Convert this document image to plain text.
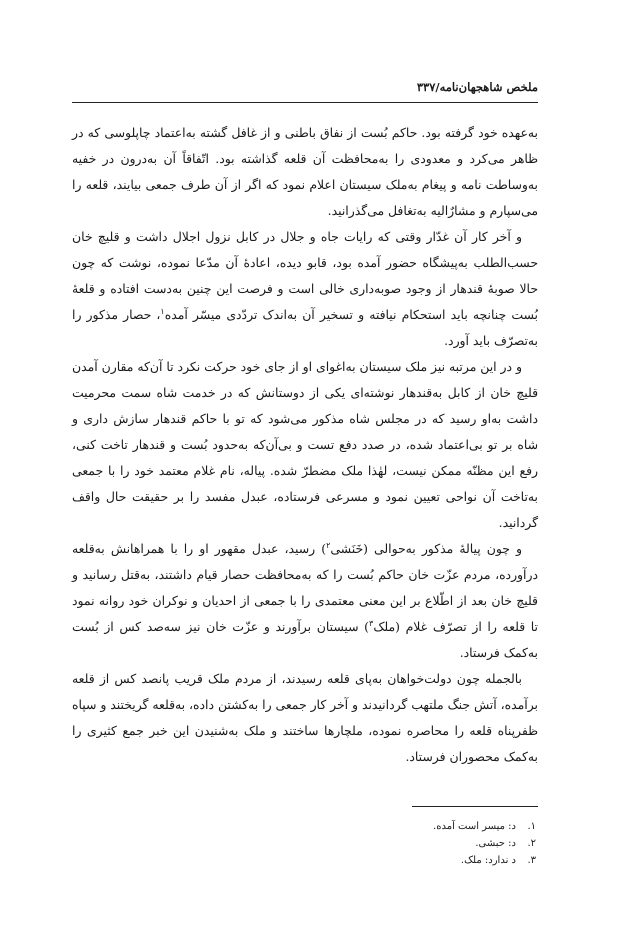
ملخص شاهجهان‌نامه/۳۳۷

به‌عهده خود گرفته بود. حاکم بُست از نفاق باطنی و از غافل گشته به‌اعتماد چاپلوسی که در ظاهر می‌کرد و معدودی را به‌محافظت آن قلعه گذاشته بود. اتّفاقاً آن به‌درون در خفیه به‌وساطت نامه و پیغام به‌ملک سیستان اعلام نمود که اگر از آن طرف جمعی بیایند، قلعه را می‌سپارم و مشارٌالیه به‌تغافل می‌گذرانید.

و آخر کار آن غدّار وقتی که رایات جاه و جلال در کابل نزول اجلال داشت و قلیچ خان حسب‌الطلب به‌پیشگاه حضور آمده بود، قابو دیده، اعادهٔ آن مدّعا نموده، نوشت که چون حالا صوبهٔ قندهار از وجود صوبه‌داری خالی است و فرصت این چنین به‌دست افتاده و قلعهٔ بُست چنانچه باید استحکام نیافته و تسخیر آن به‌اندک تردّدی میسّر آمده$^۱$، حصار مذکور را به‌تصرّف باید آورد.

و در این مرتبه نیز ملک سیستان به‌اغوای او از جای خود حرکت نکرد تا آن‌که مقارن آمدن قلیچ خان از کابل به‌قندهار نوشته‌ای یکی از دوستانش که در خدمت شاه سمت محرمیت داشت به‌او رسید که در مجلس شاه مذکور می‌شود که تو با حاکم قندهار سازش داری و شاه بر تو بی‌اعتماد شده، در صدد دفع تست و بی‌آن‌که به‌حدود بُست و قندهار تاخت کنی، رفع این مظنّه ممکن نیست، لهٰذا ملک مضطرّ شده. پیاله، نام غلام معتمد خود را با جمعی به‌تاخت آن نواحی تعیین نمود و مسرعی فرستاده، عبدل مفسد را بر حقیقت حال واقف گردانید.

و چون پیالهٔ مذکور به‌حوالی (خَنَشی$^۲$) رسید، عبدل مقهور او را با همراهانش به‌قلعه درآورده، مردم عزّت خان حاکم بُست را که به‌محافظت حصار قیام داشتند، به‌قتل رسانید و قلیچ خان بعد از اطّلاع بر این معنی معتمدی را با جمعی از احدیان و نوکران خود روانه نمود تا قلعه را از تصرّف غلام (ملک$^۳$) سیستان برآورند و عزّت خان نیز سه‌صد کس از بُست به‌کمک فرستاد.

بالجمله چون دولت‌خواهان به‌پای قلعه رسیدند، از مردم ملک قریب پانصد کس از قلعه برآمده، آتش جنگ ملتهب گردانیدند و آخر کار جمعی را به‌کشتن داده، به‌قلعه گریختند و سپاه ظفرپناه قلعه را محاصره نموده، ملچارها ساختند و ملک به‌شنیدن این خبر جمع کثیری را به‌کمک محصوران فرستاد.

۱.
د: میسر است آمده.
۲.
د: حبشی.
۳.
د ندارد: ملک.
